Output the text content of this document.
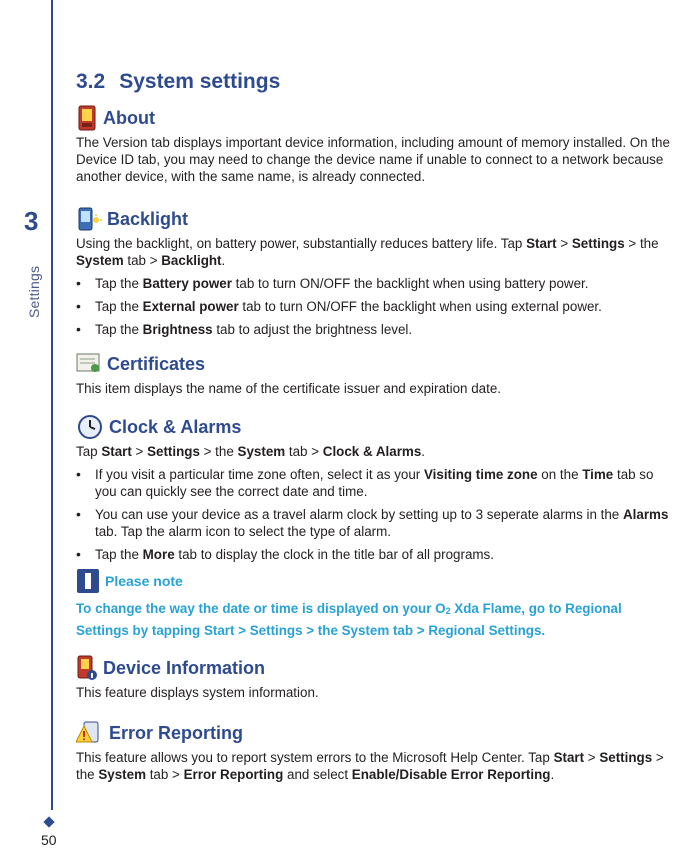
3
Settings
50
3.2 System settings
About

The Version tab displays important device information, including amount of memory installed. On the Device ID tab, you may need to change the device name if unable to connect to a network because another device, with the same name, is already connected.

Backlight

Using the backlight, on battery power, substantially reduces battery life. Tap Start > Settings > the System tab > Backlight.

• Tap the Battery power tab to turn ON/OFF the backlight when using battery power.
• Tap the External power tab to turn ON/OFF the backlight when using external power.
• Tap the Brightness tab to adjust the brightness level.
Certificates

This item displays the name of the certificate issuer and expiration date.

Clock & Alarms

Tap Start > Settings > the System tab > Clock & Alarms.

• If you visit a particular time zone often, select it as your Visiting time zone on the Time tab so you can quickly see the correct date and time.
• You can use your device as a travel alarm clock by setting up to 3 seperate alarms in the Alarms tab. Tap the alarm icon to select the type of alarm.
• Tap the More tab to display the clock in the title bar of all programs.
Please note

To change the way the date or time is displayed on your $O_2$ Xda Flame, go to Regional Settings by tapping Start > Settings > the System tab > Regional Settings.

Device Information

This feature displays system information.

Error Reporting

This feature allows you to report system errors to the Microsoft Help Center. Tap Start > Settings > the System tab > Error Reporting and select Enable/Disable Error Reporting.
